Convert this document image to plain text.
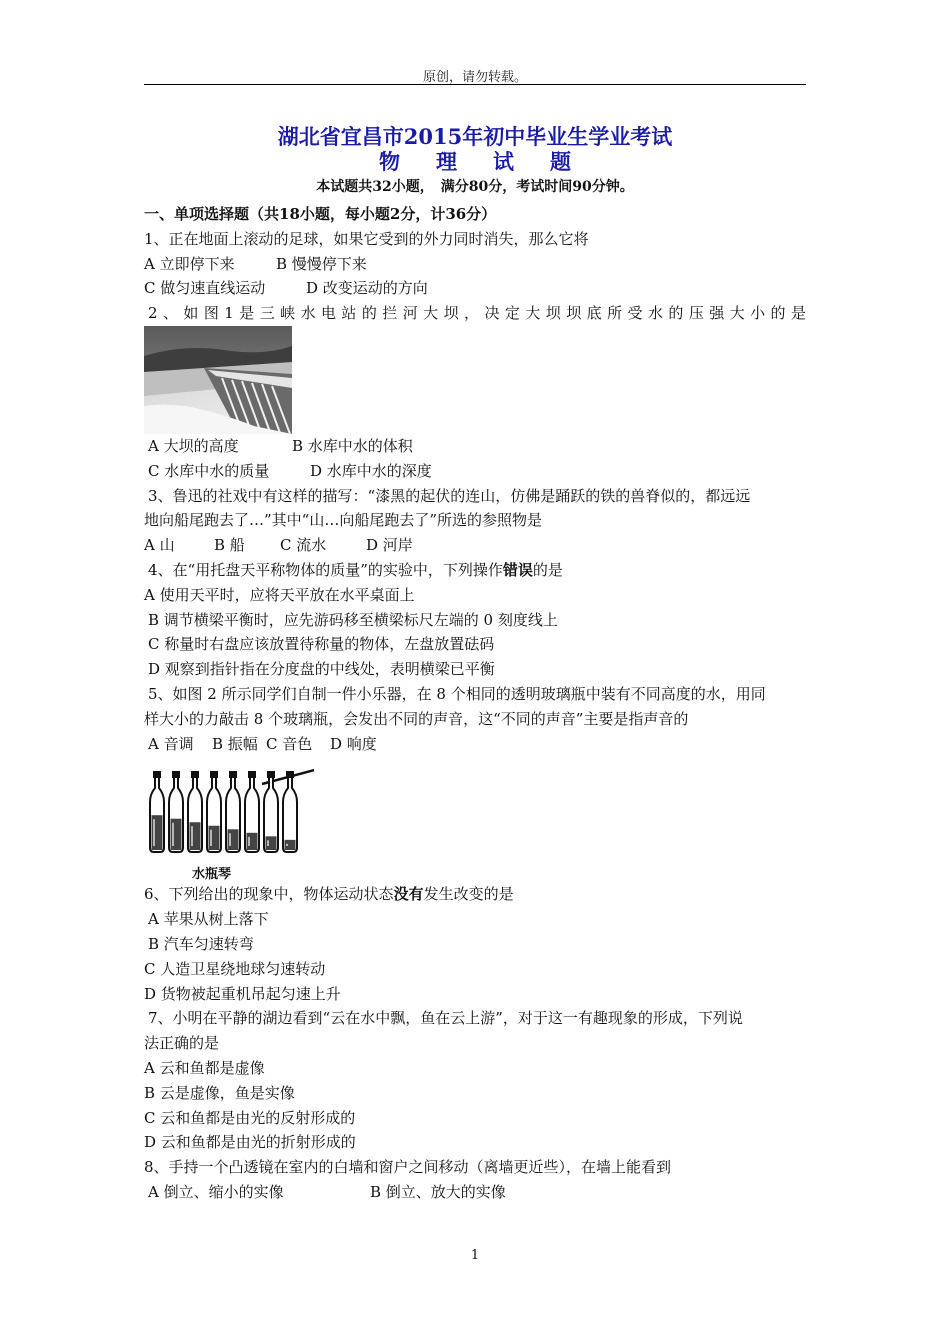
原创，请勿转载。
湖北省宜昌市2015年初中毕业生学业考试
物理试题
本试题共32小题，　满分80分，考试时间90分钟。
一、单项选择题（共18小题，每小题2分，计36分）
1、正在地面上滚动的足球，如果它受到的外力同时消失，那么它将
A 立即停下来	B 慢慢停下来
C 做匀速直线运动	D 改变运动的方向
2、如图1是三峡水电站的拦河大坝，决定大坝坝底所受水的压强大小的是
A 大坝的高度	B 水库中水的体积
C 水库中水的质量	D 水库中水的深度
3、鲁迅的社戏中有这样的描写：“漆黑的起伏的连山，仿佛是踊跃的铁的兽脊似的，都远远
地向船尾跑去了…”其中“山…向船尾跑去了”所选的参照物是
A 山	B 船 C 流水	D 河岸
4、在“用托盘天平称物体的质量”的实验中，下列操作错误的是
A 使用天平时，应将天平放在水平桌面上
B 调节横梁平衡时，应先游码移至横梁标尺左端的 0 刻度线上
C 称量时右盘应该放置待称量的物体，左盘放置砝码
D 观察到指针指在分度盘的中线处，表明横梁已平衡
5、如图 2 所示同学们自制一件小乐器，在 8 个相同的透明玻璃瓶中装有不同高度的水，用同
样大小的力敲击 8 个玻璃瓶，会发出不同的声音，这“不同的声音”主要是指声音的
A 音调 B 振幅 C 音色 D 响度
水瓶琴
6、下列给出的现象中，物体运动状态没有发生改变的是
A 苹果从树上落下
B 汽车匀速转弯
C 人造卫星绕地球匀速转动
D 货物被起重机吊起匀速上升
7、小明在平静的湖边看到“云在水中飘，鱼在云上游”，对于这一有趣现象的形成，下列说
法正确的是
A 云和鱼都是虚像
B 云是虚像，鱼是实像
C 云和鱼都是由光的反射形成的
D 云和鱼都是由光的折射形成的
8、手持一个凸透镜在室内的白墙和窗户之间移动（离墙更近些），在墙上能看到
A 倒立、缩小的实像	B 倒立、放大的实像
1
